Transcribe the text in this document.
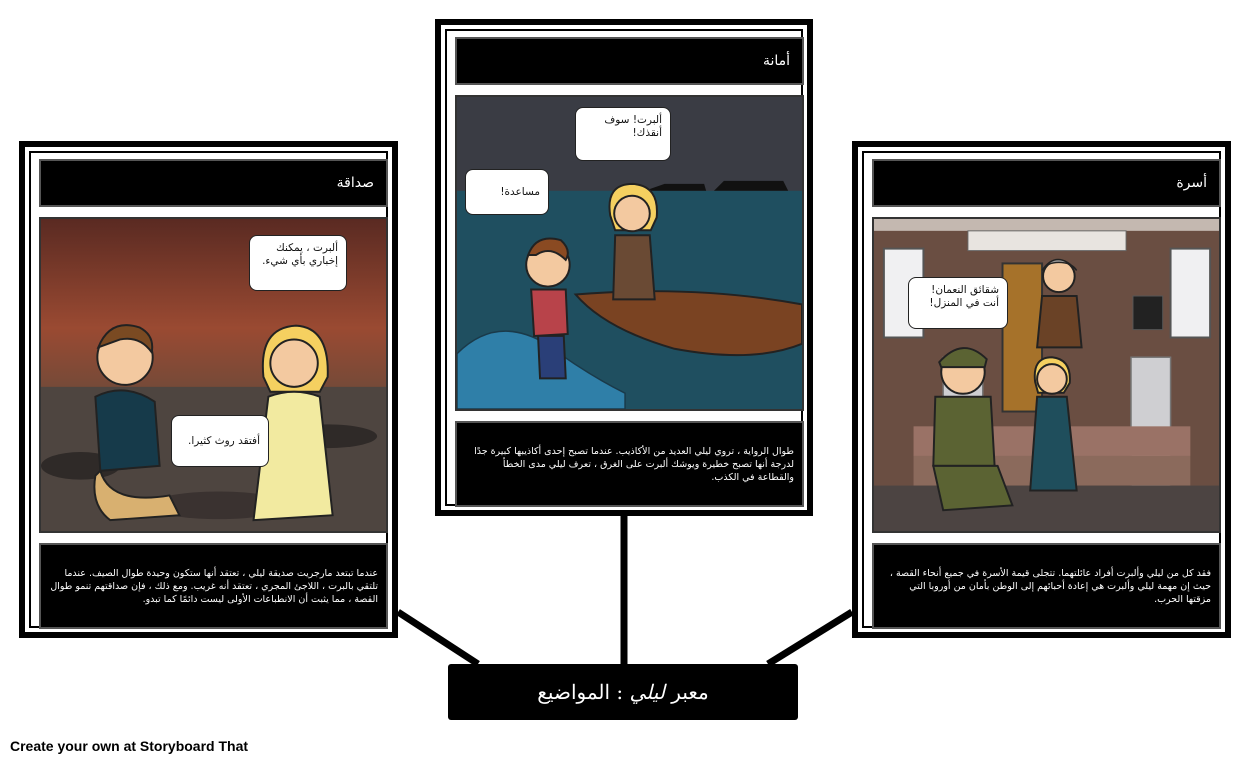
صداقة
ألبرت ، يمكنك إخباري بأي شيء.
أفتقد روث كثيرا.
عندما تبتعد مارجريت صديقة ليلي ، تعتقد أنها ستكون وحيدة طوال الصيف. عندما تلتقي بالبرت ، اللاجئ المجري ، تعتقد أنه غريب. ومع ذلك ، فإن صداقتهم تنمو طوال القصة ، مما يثبت أن الانطباعات الأولى ليست دائمًا كما تبدو.
أمانة
ألبرت! سوف أنقذك!
مساعدة!
طوال الرواية ، تروي ليلي العديد من الأكاذيب. عندما تصبح إحدى أكاذيبها كبيرة جدًا لدرجة أنها تصبح خطيرة ويوشك ألبرت على الغرق ، تعرف ليلي مدى الخطأ والقطاعة في الكذب.
أسرة
شقائق النعمان! أنت في المنزل!
فقد كل من ليلي وألبرت أفراد عائلتهما. تتجلى قيمة الأسرة في جميع أنحاء القصة ، حيث إن مهمة ليلي وألبرت هي إعادة أحبائهم إلى الوطن بأمان من أوروبا التي مزقتها الحرب.
معبر ليلي : المواضيع
Create your own at Storyboard That
